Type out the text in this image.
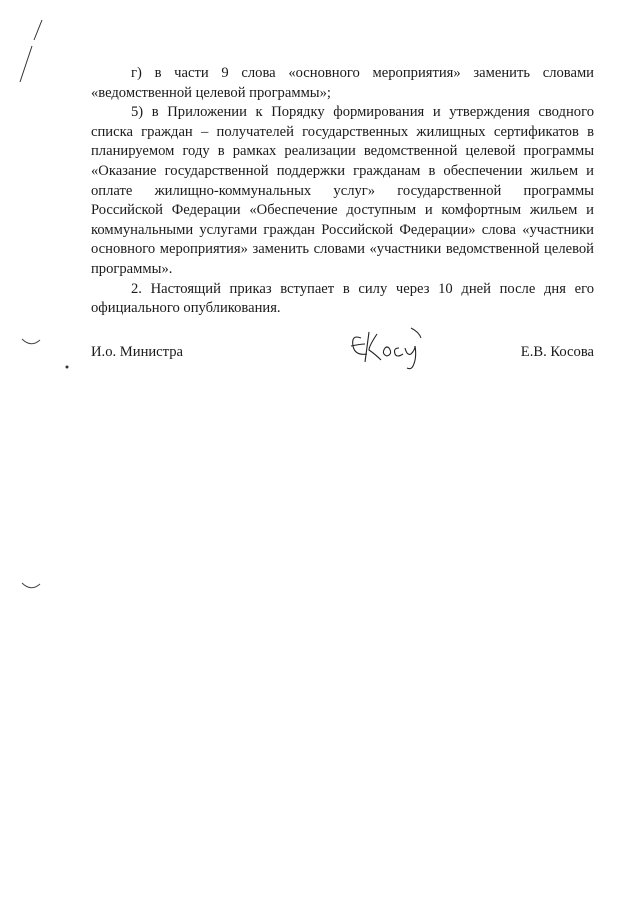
г) в части 9 слова «основного мероприятия» заменить словами «ведомственной целевой программы»;

5) в Приложении к Порядку формирования и утверждения сводного списка граждан – получателей государственных жилищных сертификатов в планируемом году в рамках реализации ведомственной целевой программы «Оказание государственной поддержки гражданам в обеспечении жильем и оплате жилищно-коммунальных услуг» государственной программы Российской Федерации «Обеспечение доступным и комфортным жильем и коммунальными услугами граждан Российской Федерации» слова «участники основного мероприятия» заменить словами «участники ведомственной целевой программы».

2. Настоящий приказ вступает в силу через 10 дней после дня его официального опубликования.

И.о. Министра	Е.В. Косова
